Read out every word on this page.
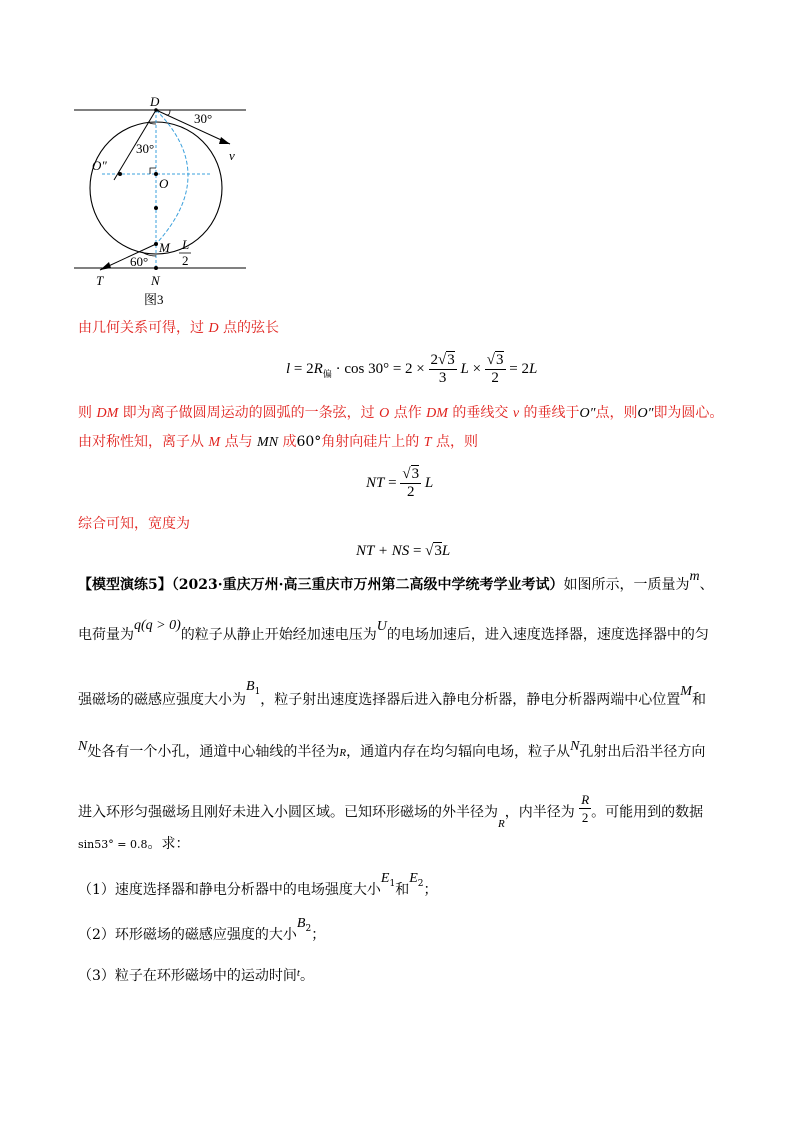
D
30°
v
30°
O″
O
M L
2
60°
T	N
图3
由几何关系可得，过 D 点的弦长
$l = 2R_偏 \cdot \cos 30^\circ = 2 \times \frac{2√3}{3}$ $L \times \frac{√3}{2} = 2L$
则 DM 即为离子做圆周运动的圆弧的一条弦，过 O 点作 DM 的垂线交 v 的垂线于O″点，则O″即为圆心。
由对称性知，离子从 M 点与 MN 成60°角射向硅片上的 T 点，则
NT = $\frac{√3}{2}$ L
综合可知，宽度为
NT + NS = √3L
【模型演练5】（2023·重庆万州·高三重庆市万州第二高级中学统考学业考试）如图所示，一质量为m、
电荷量为q(q > 0)的粒子从静止开始经加速电压为U的电场加速后，进入速度选择器，速度选择器中的匀
强磁场的磁感应强度大小为$B_1$，粒子射出速度选择器后进入静电分析器，静电分析器两端中心位置M和
N处各有一个小孔，通道中心轴线的半径为R，通道内存在均匀辐向电场，粒子从N孔射出后沿半径方向
进入环形匀强磁场且刚好未进入小圆区域。已知环形磁场的外半径为$_R$，内半径为 $\frac{R}{2}$ 。可能用到的数据
sin53° = 0.8。求：
（1）速度选择器和静电分析器中的电场强度大小$E_1$和$E_2$；
（2）环形磁场的磁感应强度的大小$B_2$；
（3）粒子在环形磁场中的运动时间$^t$。
